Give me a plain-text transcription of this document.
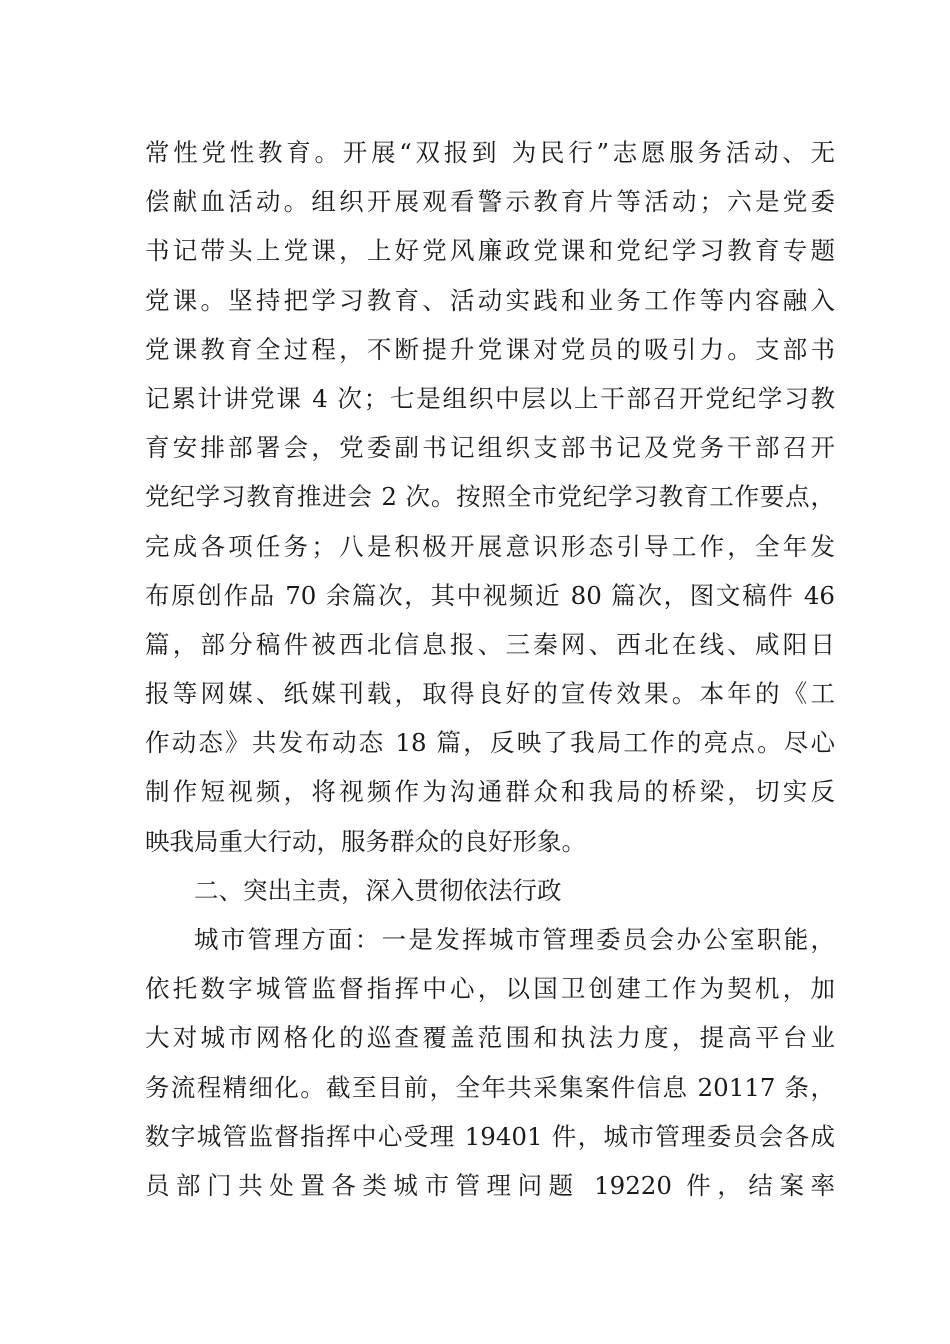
常性党性教育。开展“双报到 为民行”志愿服务活动、无
偿献血活动。组织开展观看警示教育片等活动；六是党委
书记带头上党课，上好党风廉政党课和党纪学习教育专题
党课。坚持把学习教育、活动实践和业务工作等内容融入
党课教育全过程，不断提升党课对党员的吸引力。支部书
记累计讲党课 4 次；七是组织中层以上干部召开党纪学习教
育安排部署会，党委副书记组织支部书记及党务干部召开
党纪学习教育推进会 2 次。按照全市党纪学习教育工作要点，
完成各项任务；八是积极开展意识形态引导工作，全年发
布原创作品 70 余篇次，其中视频近 80 篇次，图文稿件 46
篇，部分稿件被西北信息报、三秦网、西北在线、咸阳日
报等网媒、纸媒刊载，取得良好的宣传效果。本年的《工
作动态》共发布动态 18 篇，反映了我局工作的亮点。尽心
制作短视频，将视频作为沟通群众和我局的桥梁，切实反
映我局重大行动，服务群众的良好形象。
二、突出主责，深入贯彻依法行政
城市管理方面：一是发挥城市管理委员会办公室职能，
依托数字城管监督指挥中心，以国卫创建工作为契机，加
大对城市网格化的巡查覆盖范围和执法力度，提高平台业
务流程精细化。截至目前，全年共采集案件信息 20117 条，
数字城管监督指挥中心受理 19401 件，城市管理委员会各成
员部门共处置各类城市管理问题 19220 件，结案率
